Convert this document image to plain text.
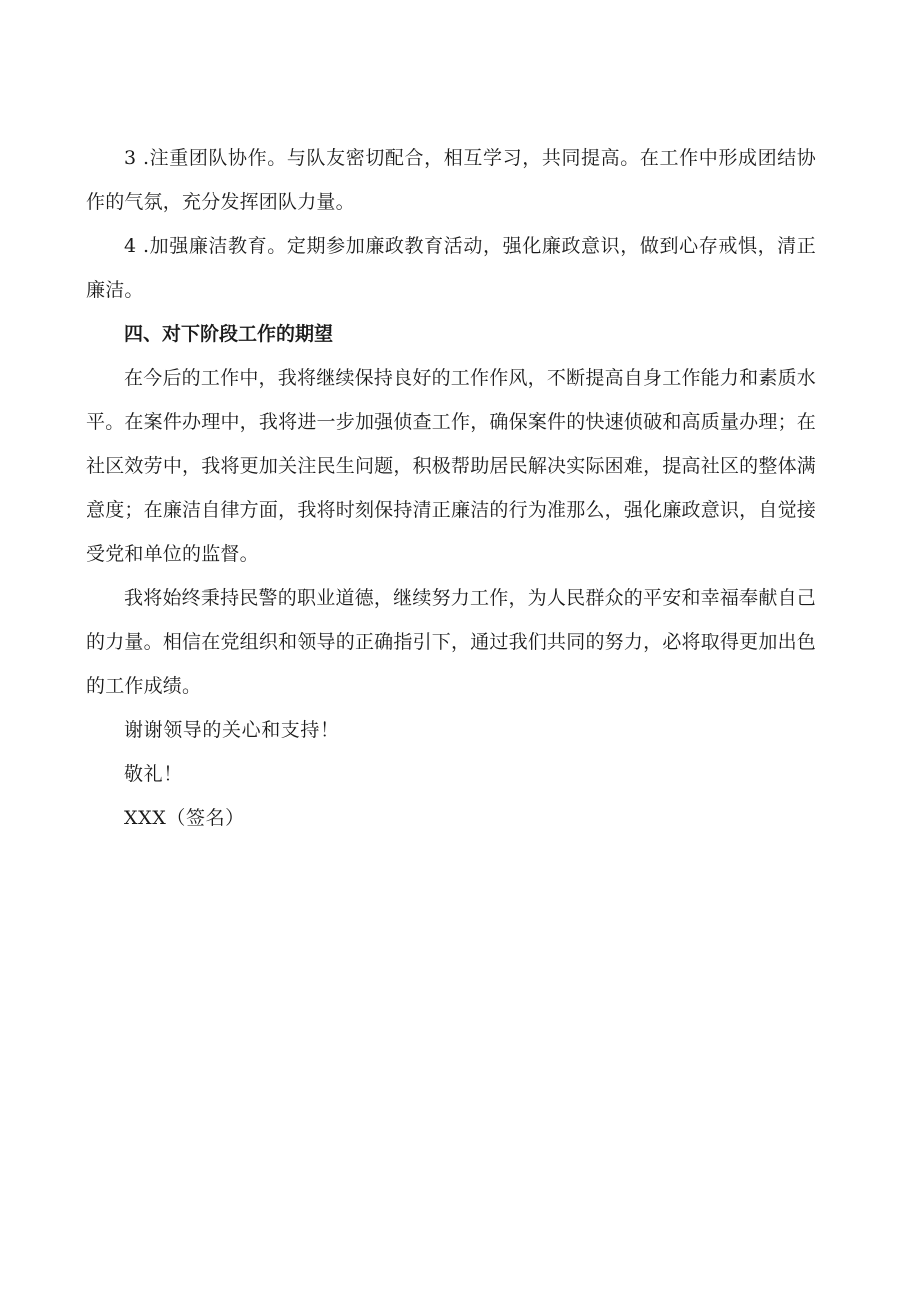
3 .注重团队协作。与队友密切配合，相互学习，共同提高。在工作中形成团结协作的气氛，充分发挥团队力量。

4 .加强廉洁教育。定期参加廉政教育活动，强化廉政意识，做到心存戒惧，清正廉洁。

四、对下阶段工作的期望

在今后的工作中，我将继续保持良好的工作作风，不断提高自身工作能力和素质水平。在案件办理中，我将进一步加强侦查工作，确保案件的快速侦破和高质量办理；在社区效劳中，我将更加关注民生问题，积极帮助居民解决实际困难，提高社区的整体满意度；在廉洁自律方面，我将时刻保持清正廉洁的行为准那么，强化廉政意识，自觉接受党和单位的监督。

我将始终秉持民警的职业道德，继续努力工作，为人民群众的平安和幸福奉献自己的力量。相信在党组织和领导的正确指引下，通过我们共同的努力，必将取得更加出色的工作成绩。

谢谢领导的关心和支持！

敬礼！

XXX（签名）
